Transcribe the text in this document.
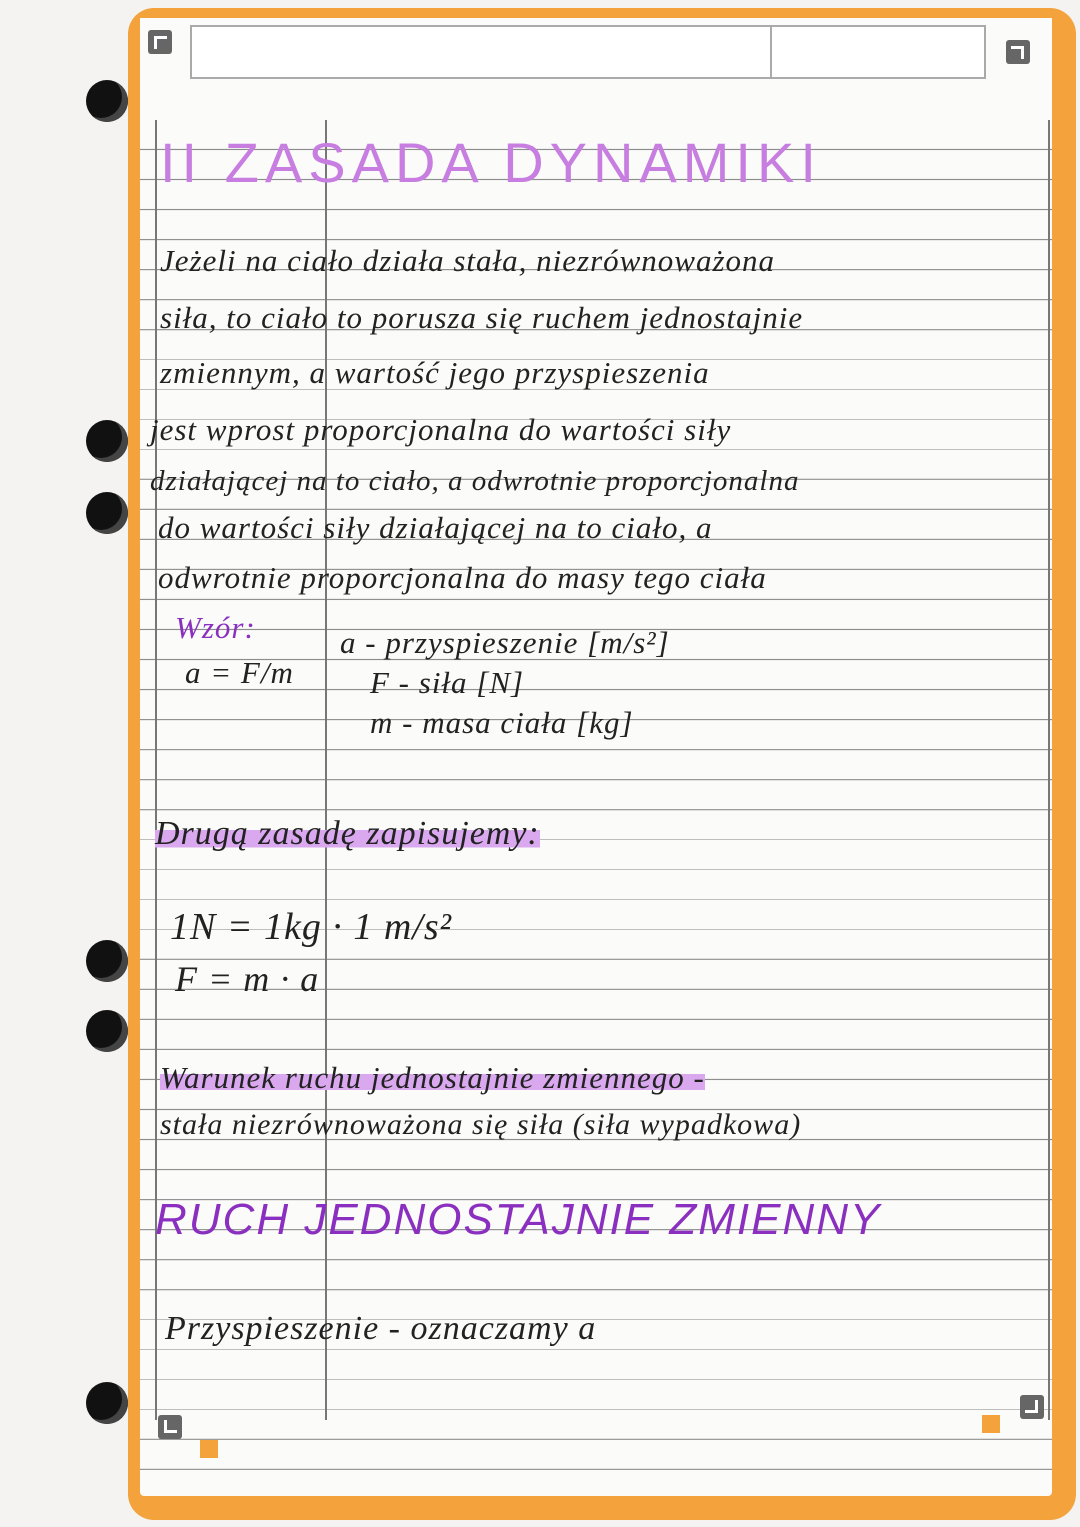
II ZASADA DYNAMIKI
Jeżeli na ciało działa stała, niezrównoważona
siła, to ciało to porusza się ruchem jednostajnie
zmiennym, a wartość jego przyspieszenia
jest wprost proporcjonalna do wartości siły
działającej na to ciało, a odwrotnie proporcjonalna
do wartości siły działającej na to ciało, a
odwrotnie proporcjonalna do masy tego ciała
Wzór:
a = F/m
a - przyspieszenie [m/s²]
F - siła [N]
m - masa ciała [kg]
Drugą zasadę zapisujemy:
1N = 1kg · 1 m/s²
F = m · a
Warunek ruchu jednostajnie zmiennego -
stała niezrównoważona się siła (siła wypadkowa)
RUCH JEDNOSTAJNIE ZMIENNY
Przyspieszenie - oznaczamy a⃗
